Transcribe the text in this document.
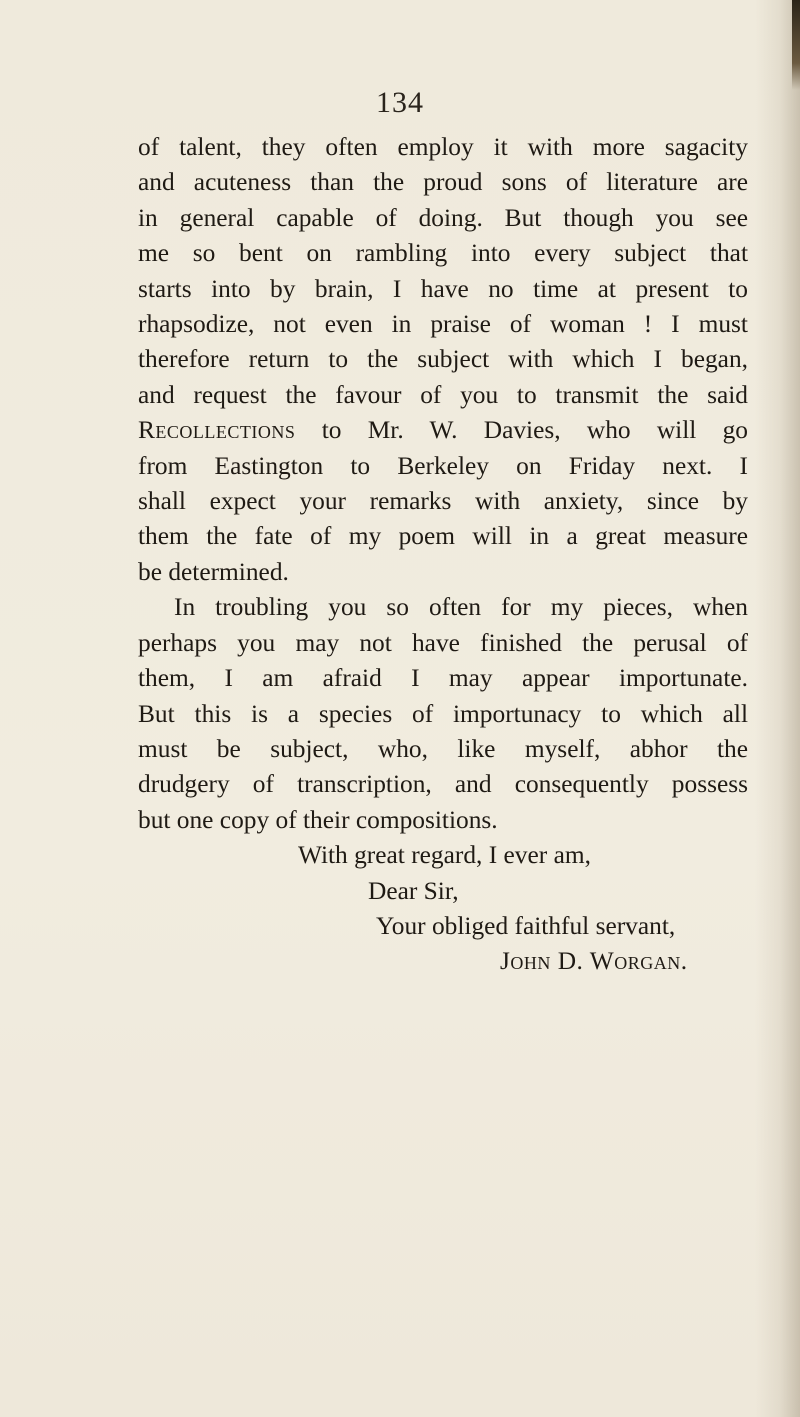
134
of talent, they often employ it with more sagacity
and acuteness than the proud sons of literature are
in general capable of doing. But though you see
me so bent on rambling into every subject that
starts into by brain, I have no time at present to
rhapsodize, not even in praise of woman ! I must
therefore return to the subject with which I began,
and request the favour of you to transmit the said
Recollections to Mr. W. Davies, who will go
from Eastington to Berkeley on Friday next. I
shall expect your remarks with anxiety, since by
them the fate of my poem will in a great measure
be determined.
In troubling you so often for my pieces, when
perhaps you may not have finished the perusal of
them, I am afraid I may appear importunate.
But this is a species of importunacy to which all
must be subject, who, like myself, abhor the
drudgery of transcription, and consequently possess
but one copy of their compositions.
With great regard, I ever am,
Dear Sir,
Your obliged faithful servant,
John D. Worgan.
